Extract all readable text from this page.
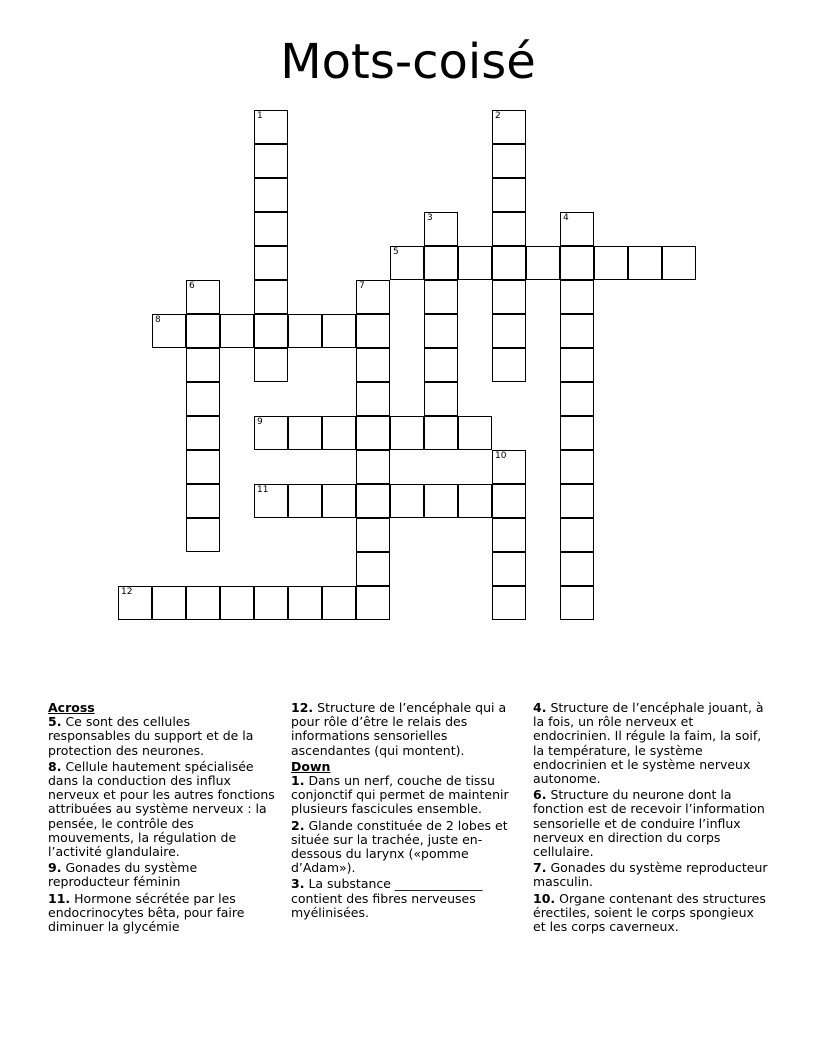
Mots-coisé
1	2
3	4
5
6	7
8
9
10
11
12
Across
5. Ce sont des cellules responsables du support et de la protection des neurones.
8. Cellule hautement spécialisée dans la conduction des influx nerveux et pour les autres fonctions attribuées au système nerveux : la pensée, le contrôle des mouvements, la régulation de l’activité glandulaire.
9. Gonades du système reproducteur féminin
11. Hormone sécrétée par les endocrinocytes bêta, pour faire diminuer la glycémie
12. Structure de l’encéphale qui a pour rôle d’être le relais des informations sensorielles ascendantes (qui montent).
Down
1. Dans un nerf, couche de tissu conjonctif qui permet de maintenir plusieurs fascicules ensemble.
2. Glande constituée de 2 lobes et située sur la trachée, juste en-dessous du larynx («pomme d’Adam»).
3. La substance ______________ contient des fibres nerveuses myélinisées.
4. Structure de l’encéphale jouant, à la fois, un rôle nerveux et endocrinien. Il régule la faim, la soif, la température, le système endocrinien et le système nerveux autonome.
6. Structure du neurone dont la fonction est de recevoir l’information sensorielle et de conduire l’influx nerveux en direction du corps cellulaire.
7. Gonades du système reproducteur masculin.
10. Organe contenant des structures érectiles, soient le corps spongieux et les corps caverneux.
